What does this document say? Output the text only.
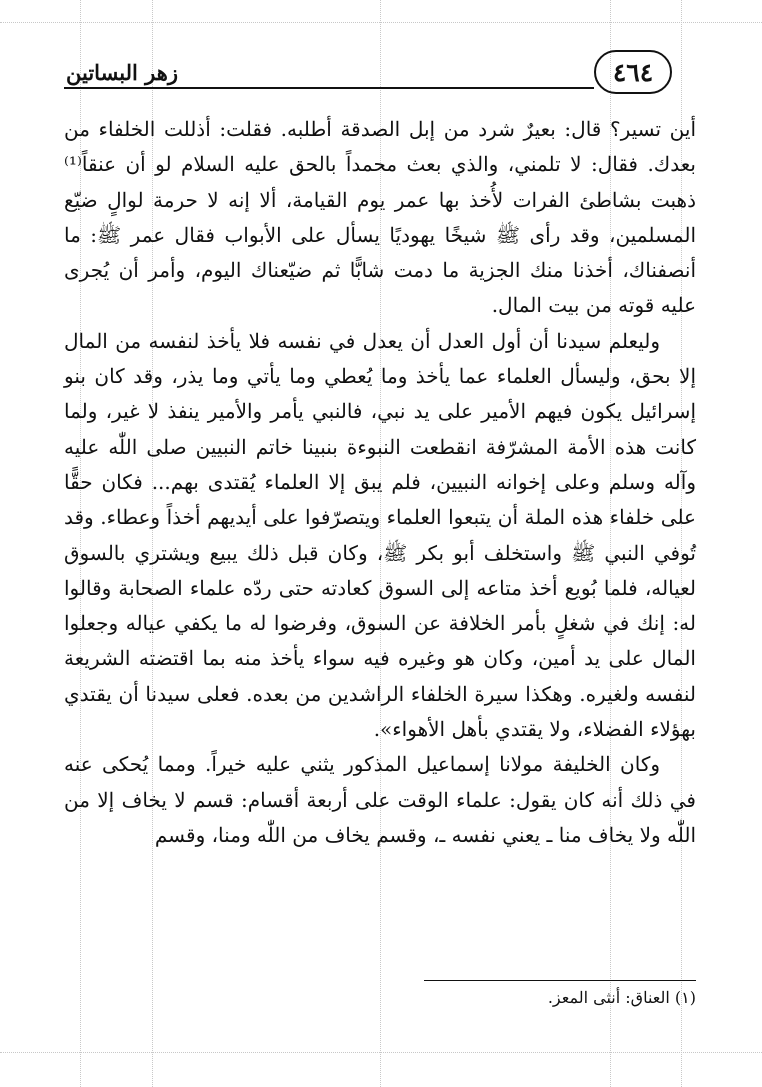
زهر البساتين	٤٦٤

أين تسير؟ قال: بعيرٌ شرد من إبل الصدقة أطلبه. فقلت: أذللت الخلفاء من بعدك. فقال: لا تلمني، والذي بعث محمداً بالحق عليه السلام لو أن عنقاً⁽¹⁾ ذهبت بشاطئ الفرات لأُخذ بها عمر يوم القيامة، ألا إنه لا حرمة لوالٍ ضيّع المسلمين، وقد رأى ﷺ شيخًا يهوديًا يسأل على الأبواب فقال عمر ﷺ: ما أنصفناك، أخذنا منك الجزية ما دمت شابًّا ثم ضيّعناك اليوم، وأمر أن يُجرى عليه قوته من بيت المال.

وليعلم سيدنا أن أول العدل أن يعدل في نفسه فلا يأخذ لنفسه من المال إلا بحق، وليسأل العلماء عما يأخذ وما يُعطي وما يأتي وما يذر، وقد كان بنو إسرائيل يكون فيهم الأمير على يد نبي، فالنبي يأمر والأمير ينفذ لا غير، ولما كانت هذه الأمة المشرّفة انقطعت النبوءة بنبينا خاتم النبيين صلى اللّٰه عليه وآله وسلم وعلى إخوانه النبيين، فلم يبق إلا العلماء يُقتدى بهم... فكان حقًّا على خلفاء هذه الملة أن يتبعوا العلماء ويتصرّفوا على أيديهم أخذاً وعطاء. وقد تُوفي النبي ﷺ واستخلف أبو بكر ﷺ، وكان قبل ذلك يبيع ويشتري بالسوق لعياله، فلما بُويع أخذ متاعه إلى السوق كعادته حتى ردّه علماء الصحابة وقالوا له: إنك في شغلٍ بأمر الخلافة عن السوق، وفرضوا له ما يكفي عياله وجعلوا المال على يد أمين، وكان هو وغيره فيه سواء يأخذ منه بما اقتضته الشريعة لنفسه ولغيره. وهكذا سيرة الخلفاء الراشدين من بعده. فعلى سيدنا أن يقتدي بهؤلاء الفضلاء، ولا يقتدي بأهل الأهواء».

وكان الخليفة مولانا إسماعيل المذكور يثني عليه خيراً. ومما يُحكى عنه في ذلك أنه كان يقول: علماء الوقت على أربعة أقسام: قسم لا يخاف إلا من اللّٰه ولا يخاف منا ـ يعني نفسه ـ، وقسم يخاف من اللّٰه ومنا، وقسم

(١) العناق: أنثى المعز.
